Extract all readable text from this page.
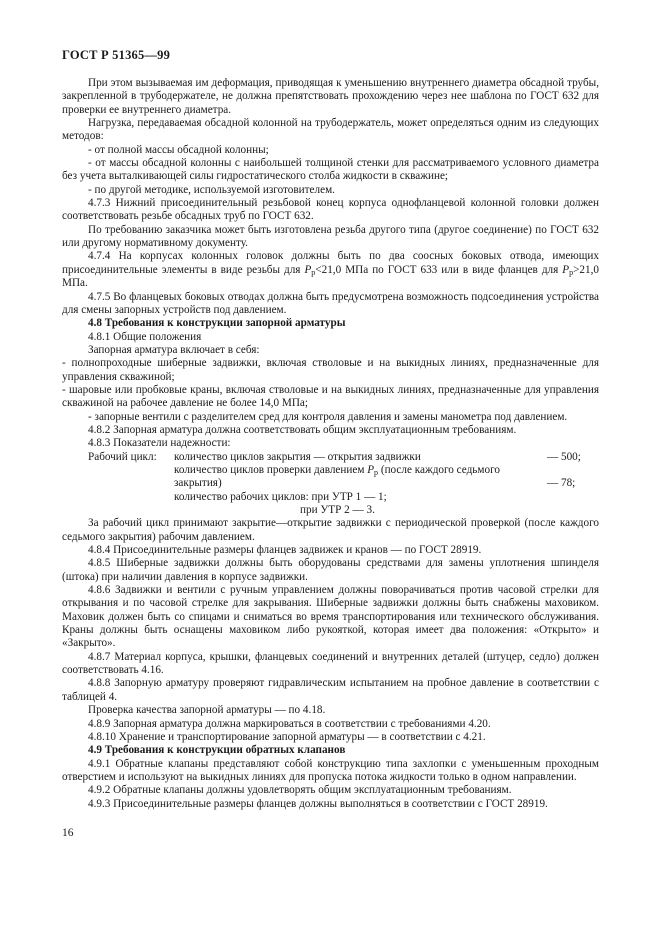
ГОСТ Р 51365—99

При этом вызываемая им деформация, приводящая к уменьшению внутреннего диаметра обсадной трубы, закрепленной в трубодержателе, не должна препятствовать прохождению через нее шаблона по ГОСТ 632 для проверки ее внутреннего диаметра.

Нагрузка, передаваемая обсадной колонной на трубодержатель, может определяться одним из следующих методов:

- от полной массы обсадной колонны;

- от массы обсадной колонны с наибольшей толщиной стенки для рассматриваемого условного диаметра без учета выталкивающей силы гидростатического столба жидкости в скважине;

- по другой методике, используемой изготовителем.

4.7.3 Нижний присоединительный резьбовой конец корпуса однофланцевой колонной головки должен соответствовать резьбе обсадных труб по ГОСТ 632.

По требованию заказчика может быть изготовлена резьба другого типа (другое соединение) по ГОСТ 632 или другому нормативному документу.

4.7.4 На корпусах колонных головок должны быть по два соосных боковых отвода, имеющих присоединительные элементы в виде резьбы для $P_р<21,0$ МПа по ГОСТ 633 или в виде фланцев для $P_р>21,0$ МПа.

4.7.5 Во фланцевых боковых отводах должна быть предусмотрена возможность подсоединения устройства для смены запорных устройств под давлением.

4.8 Требования к конструкции запорной арматуры

4.8.1 Общие положения

Запорная арматура включает в себя:

- полнопроходные шиберные задвижки, включая стволовые и на выкидных линиях, предназначенные для управления скважиной;

- шаровые или пробковые краны, включая стволовые и на выкидных линиях, предназначенные для управления скважиной на рабочее давление не более 14,0 МПа;

- запорные вентили с разделителем сред для контроля давления и замены манометра под давлением.

4.8.2 Запорная арматура должна соответствовать общим эксплуатационным требованиям.

4.8.3 Показатели надежности:

Рабочий цикл:	количество циклов закрытия — открытия задвижки	— 500;
количество циклов проверки давлением $P_р$ (после каждого седьмого
закрытия)	— 78;

количество рабочих циклов: при УТР 1 — 1;

при УТР 2 — 3.

За рабочий цикл принимают закрытие—открытие задвижки с периодической проверкой (после каждого седьмого закрытия) рабочим давлением.

4.8.4 Присоединительные размеры фланцев задвижек и кранов — по ГОСТ 28919.

4.8.5 Шиберные задвижки должны быть оборудованы средствами для замены уплотнения шпинделя (штока) при наличии давления в корпусе задвижки.

4.8.6 Задвижки и вентили с ручным управлением должны поворачиваться против часовой стрелки для открывания и по часовой стрелке для закрывания. Шиберные задвижки должны быть снабжены маховиком. Маховик должен быть со спицами и сниматься во время транспортирования или технического обслуживания. Краны должны быть оснащены маховиком либо рукояткой, которая имеет два положения: «Открыто» и «Закрыто».

4.8.7 Материал корпуса, крышки, фланцевых соединений и внутренних деталей (штуцер, седло) должен соответствовать 4.16.

4.8.8 Запорную арматуру проверяют гидравлическим испытанием на пробное давление в соответствии с таблицей 4.

Проверка качества запорной арматуры — по 4.18.

4.8.9 Запорная арматура должна маркироваться в соответствии с требованиями 4.20.

4.8.10 Хранение и транспортирование запорной арматуры — в соответствии с 4.21.

4.9 Требования к конструкции обратных клапанов

4.9.1 Обратные клапаны представляют собой конструкцию типа захлопки с уменьшенным проходным отверстием и используют на выкидных линиях для пропуска потока жидкости только в одном направлении.

4.9.2 Обратные клапаны должны удовлетворять общим эксплуатационным требованиям.

4.9.3 Присоединительные размеры фланцев должны выполняться в соответствии с ГОСТ 28919.

16
